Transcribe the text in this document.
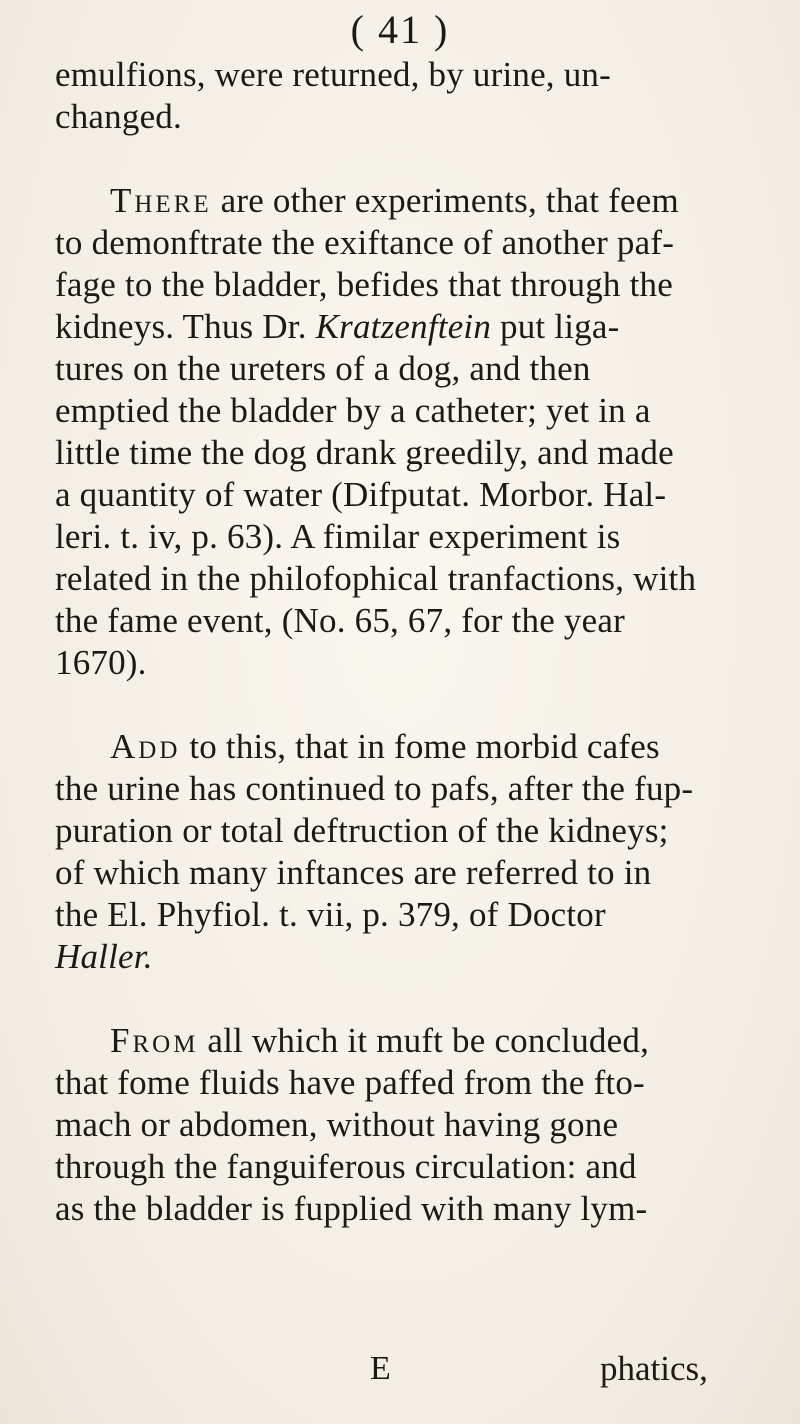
( 41 )
emulfions, were returned, by urine, un-
changed.
There are other experiments, that feem
to demonftrate the exiftance of another paf-
fage to the bladder, befides that through the
kidneys. Thus Dr. Kratzenftein put liga-
tures on the ureters of a dog, and then
emptied the bladder by a catheter; yet in a
little time the dog drank greedily, and made
a quantity of water (Difputat. Morbor. Hal-
leri. t. iv, p. 63). A fimilar experiment is
related in the philofophical tranfactions, with
the fame event, (No. 65, 67, for the year
1670).
Add to this, that in fome morbid cafes
the urine has continued to pafs, after the fup-
puration or total deftruction of the kidneys;
of which many inftances are referred to in
the El. Phyfiol. t. vii, p. 379, of Doctor
Haller.
From all which it muft be concluded,
that fome fluids have paffed from the fto-
mach or abdomen, without having gone
through the fanguiferous circulation: and
as the bladder is fupplied with many lym-
E	phatics,
